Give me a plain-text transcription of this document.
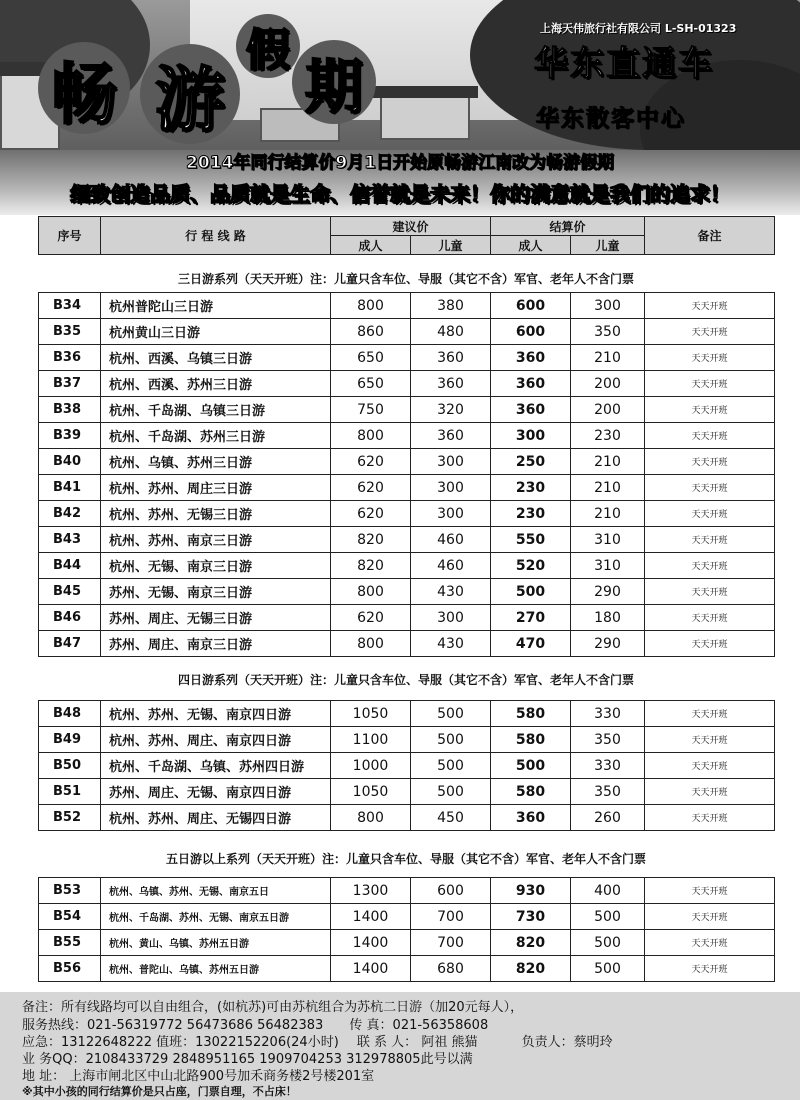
畅 游
假
期
上海天伟旅行社有限公司 L-SH-01323
华东直通车
华东散客中心
2014年同行结算价9月1日开始原畅游江南改为畅游假期
细致创造品质、品质就是生命、信誉就是未来！你的满意就是我们的追求！
序号	行 程 线 路	建议价		结算价		备注
		成人	儿童	成人	儿童	
三日游系列（天天开班）注：儿童只含车位、导服（其它不含）军官、老年人不含门票
B34	杭州普陀山三日游	800	380	600	300	天天开班
B35	杭州黄山三日游	860	480	600	350	天天开班
B36	杭州、西溪、乌镇三日游	650	360	360	210	天天开班
B37	杭州、西溪、苏州三日游	650	360	360	200	天天开班
B38	杭州、千岛湖、乌镇三日游	750	320	360	200	天天开班
B39	杭州、千岛湖、苏州三日游	800	360	300	230	天天开班
B40	杭州、乌镇、苏州三日游	620	300	250	210	天天开班
B41	杭州、苏州、周庄三日游	620	300	230	210	天天开班
B42	杭州、苏州、无锡三日游	620	300	230	210	天天开班
B43	杭州、苏州、南京三日游	820	460	550	310	天天开班
B44	杭州、无锡、南京三日游	820	460	520	310	天天开班
B45	苏州、无锡、南京三日游	800	430	500	290	天天开班
B46	苏州、周庄、无锡三日游	620	300	270	180	天天开班
B47	苏州、周庄、南京三日游	800	430	470	290	天天开班
四日游系列（天天开班）注：儿童只含车位、导服（其它不含）军官、老年人不含门票
B48	杭州、苏州、无锡、南京四日游	1050	500	580	330	天天开班
B49	杭州、苏州、周庄、南京四日游	1100	500	580	350	天天开班
B50	杭州、千岛湖、乌镇、苏州四日游	1000	500	500	330	天天开班
B51	苏州、周庄、无锡、南京四日游	1050	500	580	350	天天开班
B52	杭州、苏州、周庄、无锡四日游	800	450	360	260	天天开班
五日游以上系列（天天开班）注：儿童只含车位、导服（其它不含）军官、老年人不含门票
B53	杭州、乌镇、苏州、无锡、南京五日	1300	600	930	400	天天开班
B54	杭州、千岛湖、苏州、无锡、南京五日游	1400	700	730	500	天天开班
B55	杭州、黄山、乌镇、苏州五日游	1400	700	820	500	天天开班
B56	杭州、普陀山、乌镇、苏州五日游	1400	680	820	500	天天开班
备注：所有线路均可以自由组合，(如杭苏)可由苏杭组合为苏杭二日游（加20元每人），
服务热线：021-56319772 56473686 56482383 传 真：021-56358608
应急：13122648222 值班：13022152206(24小时) 联 系 人： 阿祖 熊猫	负责人：蔡明玲
业 务QQ：2108433729 2848951165 1909704253 312978805此号以满
地 址： 上海市闸北区中山北路900号加禾商务楼2号楼201室
※其中小孩的同行结算价是只占座，门票自理，不占床！
